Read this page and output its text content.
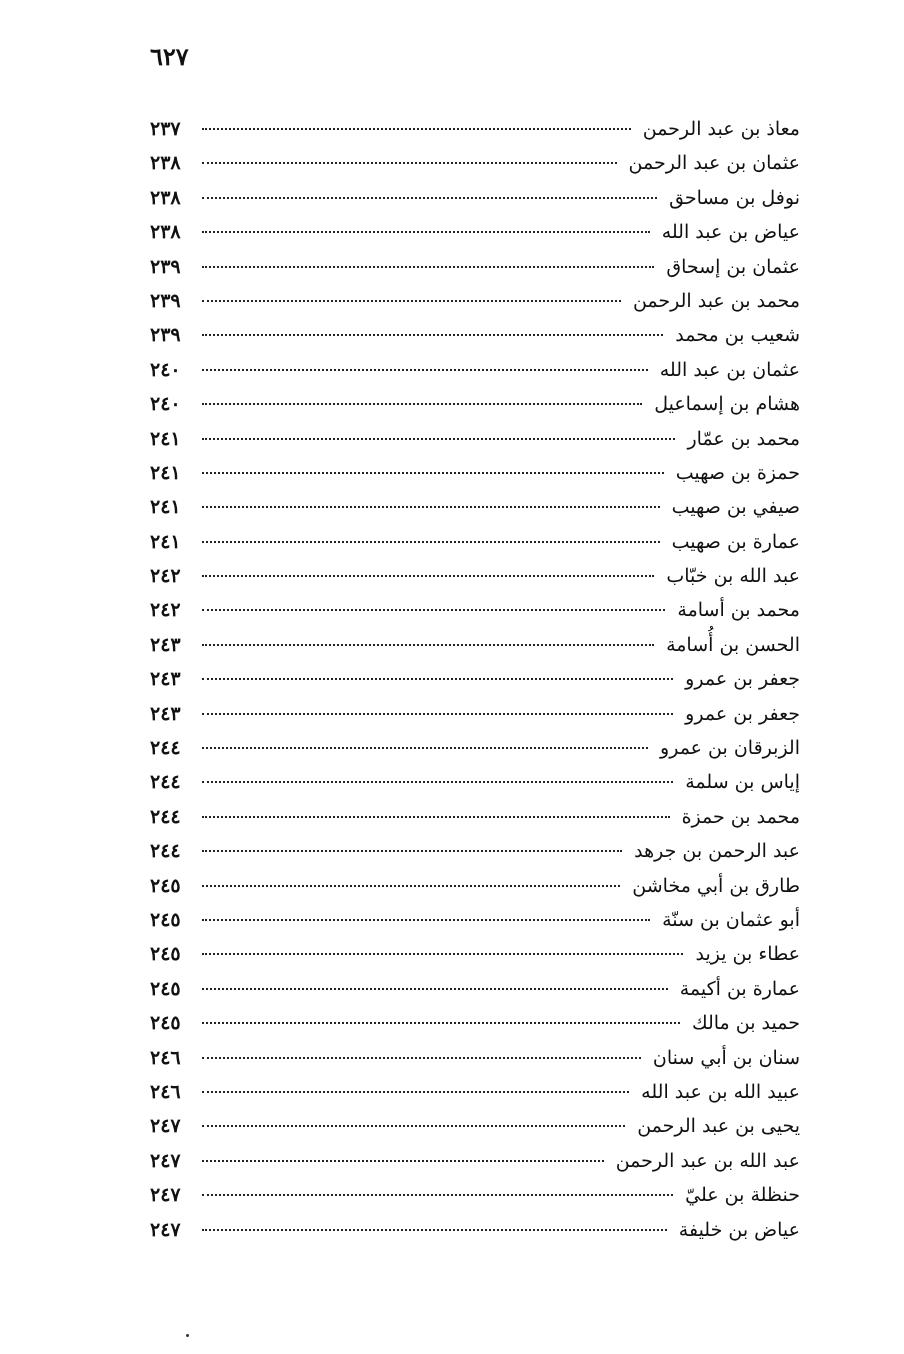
٦٢٧
معاذ بن عبد الرحمن
٢٣٧
عثمان بن عبد الرحمن
٢٣٨
نوفل بن مساحق
٢٣٨
عياض بن عبد الله
٢٣٨
عثمان بن إسحاق
٢٣٩
محمد بن عبد الرحمن
٢٣٩
شعيب بن محمد
٢٣٩
عثمان بن عبد الله
٢٤٠
هشام بن إسماعيل
٢٤٠
محمد بن عمّار
٢٤١
حمزة بن صهيب
٢٤١
صيفي بن صهيب
٢٤١
عمارة بن صهيب
٢٤١
عبد الله بن خبّاب
٢٤٢
محمد بن أسامة
٢٤٢
الحسن بن أُسامة
٢٤٣
جعفر بن عمرو
٢٤٣
جعفر بن عمرو
٢٤٣
الزبرقان بن عمرو
٢٤٤
إياس بن سلمة
٢٤٤
محمد بن حمزة
٢٤٤
عبد الرحمن بن جرهد
٢٤٤
طارق بن أبي مخاشن
٢٤٥
أبو عثمان بن سنّة
٢٤٥
عطاء بن يزيد
٢٤٥
عمارة بن أكيمة
٢٤٥
حميد بن مالك
٢٤٥
سنان بن أبي سنان
٢٤٦
عبيد الله بن عبد الله
٢٤٦
يحيى بن عبد الرحمن
٢٤٧
عبد الله بن عبد الرحمن
٢٤٧
حنظلة بن عليّ
٢٤٧
عياض بن خليفة
٢٤٧
